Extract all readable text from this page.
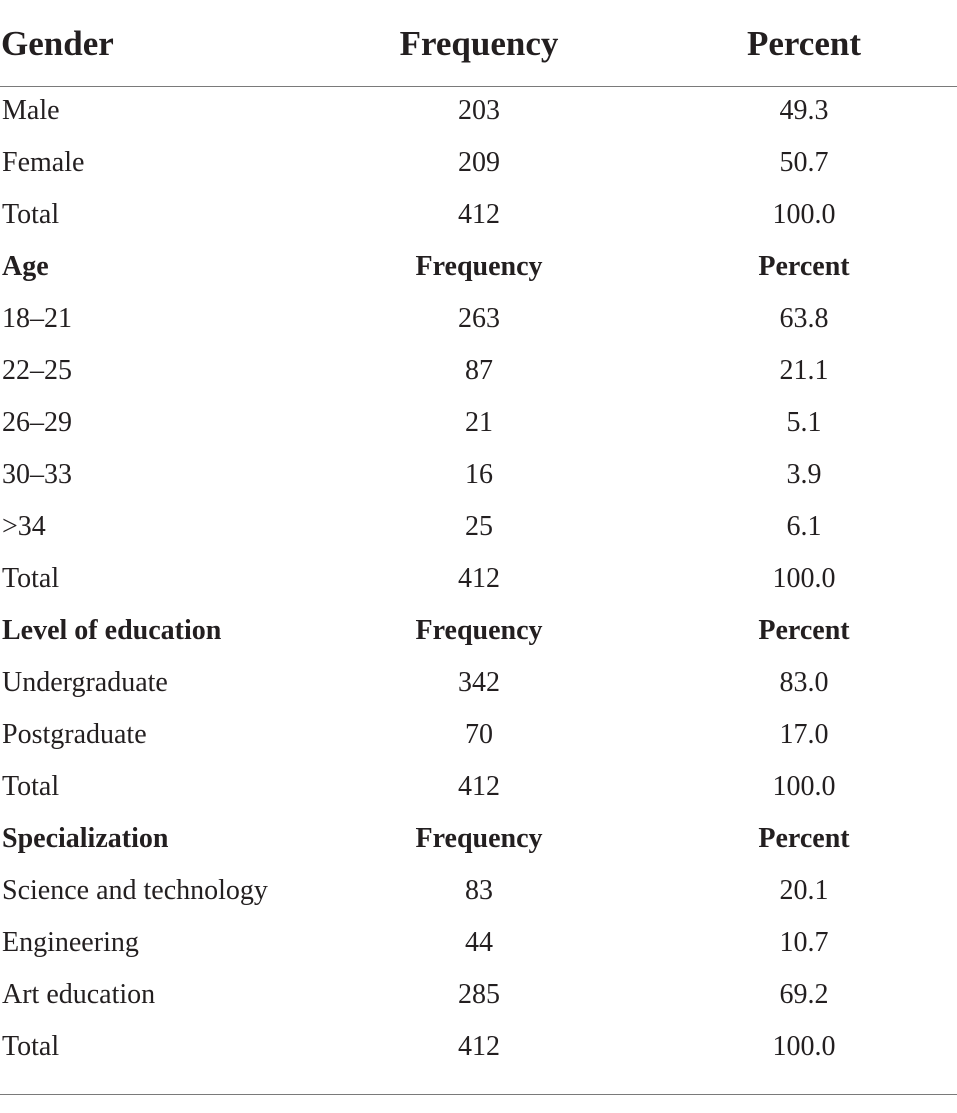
Gender	Frequency	Percent
Male	203	49.3
Female	209	50.7
Total	412	100.0
Age	Frequency	Percent
18–21	263	63.8
22–25	87	21.1
26–29	21	5.1
30–33	16	3.9
>34	25	6.1
Total	412	100.0
Level of education	Frequency	Percent
Undergraduate	342	83.0
Postgraduate	70	17.0
Total	412	100.0
Specialization	Frequency	Percent
Science and technology	83	20.1
Engineering	44	10.7
Art education	285	69.2
Total	412	100.0
